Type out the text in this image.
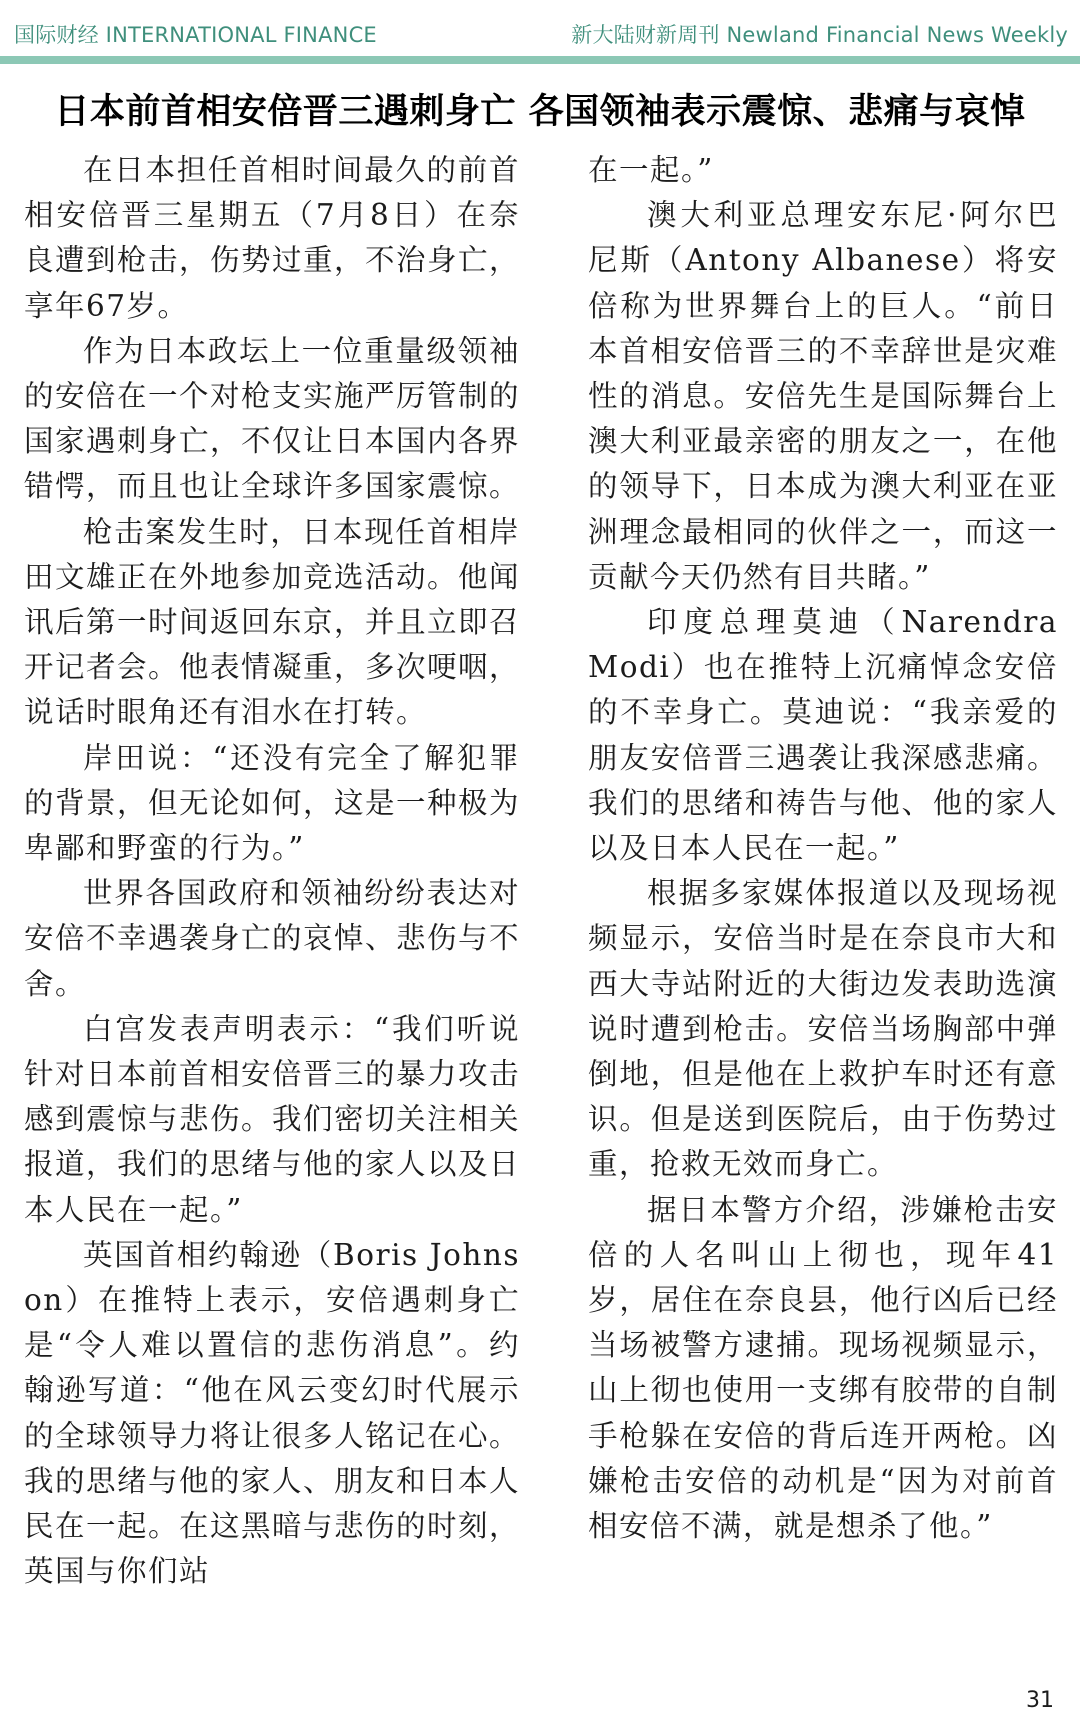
国际财经 INTERNATIONAL FINANCE	新大陆财新周刊 Newland Financial News Weekly
日本前首相安倍晋三遇刺身亡 各国领袖表示震惊、悲痛与哀悼

在日本担任首相时间最久的前首相安倍晋三星期五（7月8日）在奈良遭到枪击，伤势过重，不治身亡，享年67岁。

作为日本政坛上一位重量级领袖的安倍在一个对枪支实施严厉管制的国家遇刺身亡，不仅让日本国内各界错愕，而且也让全球许多国家震惊。

枪击案发生时，日本现任首相岸田文雄正在外地参加竞选活动。他闻讯后第一时间返回东京，并且立即召开记者会。他表情凝重，多次哽咽，说话时眼角还有泪水在打转。

岸田说：“还没有完全了解犯罪的背景，但无论如何，这是一种极为卑鄙和野蛮的行为。”

世界各国政府和领袖纷纷表达对安倍不幸遇袭身亡的哀悼、悲伤与不舍。

白宫发表声明表示：“我们听说针对日本前首相安倍晋三的暴力攻击感到震惊与悲伤。我们密切关注相关报道，我们的思绪与他的家人以及日本人民在一起。”

英国首相约翰逊（Boris Johnson）在推特上表示，安倍遇刺身亡是“令人难以置信的悲伤消息”。约翰逊写道：“他在风云变幻时代展示的全球领导力将让很多人铭记在心。我的思绪与他的家人、朋友和日本人民在一起。在这黑暗与悲伤的时刻，英国与你们站

在一起。”

澳大利亚总理安东尼·阿尔巴尼斯（Antony Albanese）将安倍称为世界舞台上的巨人。“前日本首相安倍晋三的不幸辞世是灾难性的消息。安倍先生是国际舞台上澳大利亚最亲密的朋友之一，在他的领导下，日本成为澳大利亚在亚洲理念最相同的伙伴之一，而这一贡献今天仍然有目共睹。”

印度总理莫迪（Narendra Modi）也在推特上沉痛悼念安倍的不幸身亡。莫迪说：“我亲爱的朋友安倍晋三遇袭让我深感悲痛。我们的思绪和祷告与他、他的家人以及日本人民在一起。”

根据多家媒体报道以及现场视频显示，安倍当时是在奈良市大和西大寺站附近的大街边发表助选演说时遭到枪击。安倍当场胸部中弹倒地，但是他在上救护车时还有意识。但是送到医院后，由于伤势过重，抢救无效而身亡。

据日本警方介绍，涉嫌枪击安倍的人名叫山上彻也，现年41岁，居住在奈良县，他行凶后已经当场被警方逮捕。现场视频显示，山上彻也使用一支绑有胶带的自制手枪躲在安倍的背后连开两枪。凶嫌枪击安倍的动机是“因为对前首相安倍不满，就是想杀了他。”

31
